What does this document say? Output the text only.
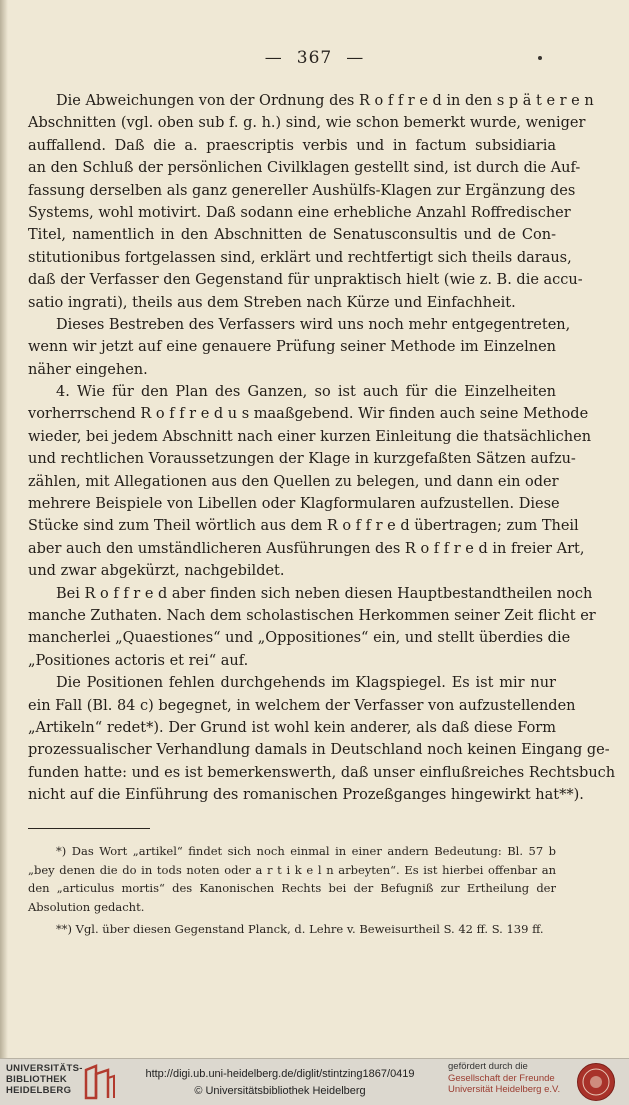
— 367 —

Die Abweichungen von der Ordnung des R o f f r e d in den s p ä t e r e n
Abschnitten (vgl. oben sub f. g. h.) sind, wie schon bemerkt wurde, weniger
auffallend. Daß die a. praescriptis verbis und in factum subsidiaria
an den Schluß der persönlichen Civilklagen gestellt sind, ist durch die Auf-
fassung derselben als ganz genereller Aushülfs-Klagen zur Ergänzung des
Systems, wohl motivirt. Daß sodann eine erhebliche Anzahl Roffredischer
Titel, namentlich in den Abschnitten de Senatusconsultis und de Con-
stitutionibus fortgelassen sind, erklärt und rechtfertigt sich theils daraus,
daß der Verfasser den Gegenstand für unpraktisch hielt (wie z. B. die accu-
satio ingrati), theils aus dem Streben nach Kürze und Einfachheit.

Dieses Bestreben des Verfassers wird uns noch mehr entgegentreten,
wenn wir jetzt auf eine genauere Prüfung seiner Methode im Einzelnen
näher eingehen.

4. Wie für den Plan des Ganzen, so ist auch für die Einzelheiten
vorherrschend R o f f r e d u s maaßgebend. Wir finden auch seine Methode
wieder, bei jedem Abschnitt nach einer kurzen Einleitung die thatsächlichen
und rechtlichen Voraussetzungen der Klage in kurzgefaßten Sätzen aufzu-
zählen, mit Allegationen aus den Quellen zu belegen, und dann ein oder
mehrere Beispiele von Libellen oder Klagformularen aufzustellen. Diese
Stücke sind zum Theil wörtlich aus dem R o f f r e d übertragen; zum Theil
aber auch den umständlicheren Ausführungen des R o f f r e d in freier Art,
und zwar abgekürzt, nachgebildet.

Bei R o f f r e d aber finden sich neben diesen Hauptbestandtheilen noch
manche Zuthaten. Nach dem scholastischen Herkommen seiner Zeit flicht er
mancherlei „Quaestiones“ und „Oppositiones“ ein, und stellt überdies die
„Positiones actoris et rei“ auf.

Die Positionen fehlen durchgehends im Klagspiegel. Es ist mir nur
ein Fall (Bl. 84 c) begegnet, in welchem der Verfasser von aufzustellenden
„Artikeln“ redet*). Der Grund ist wohl kein anderer, als daß diese Form
prozessualischer Verhandlung damals in Deutschland noch keinen Eingang ge-
funden hatte: und es ist bemerkenswerth, daß unser einflußreiches Rechtsbuch
nicht auf die Einführung des romanischen Prozeßganges hingewirkt hat**).

*) Das Wort „artikel“ findet sich noch einmal in einer andern Bedeutung: Bl. 57 b
„bey denen die do in tods noten oder a r t i k e l n arbeyten“. Es ist hierbei offenbar an
den „articulus mortis“ des Kanonischen Rechts bei der Befugniß zur Ertheilung der
Absolution gedacht.

**) Vgl. über diesen Gegenstand Planck, d. Lehre v. Beweisurtheil S. 42 ff. S. 139 ff.

UNIVERSITÄTS-
BIBLIOTHEK
HEIDELBERG
http://digi.ub.uni-heidelberg.de/diglit/stintzing1867/0419
© Universitätsbibliothek Heidelberg
gefördert durch die
Gesellschaft der Freunde
Universität Heidelberg e.V.
